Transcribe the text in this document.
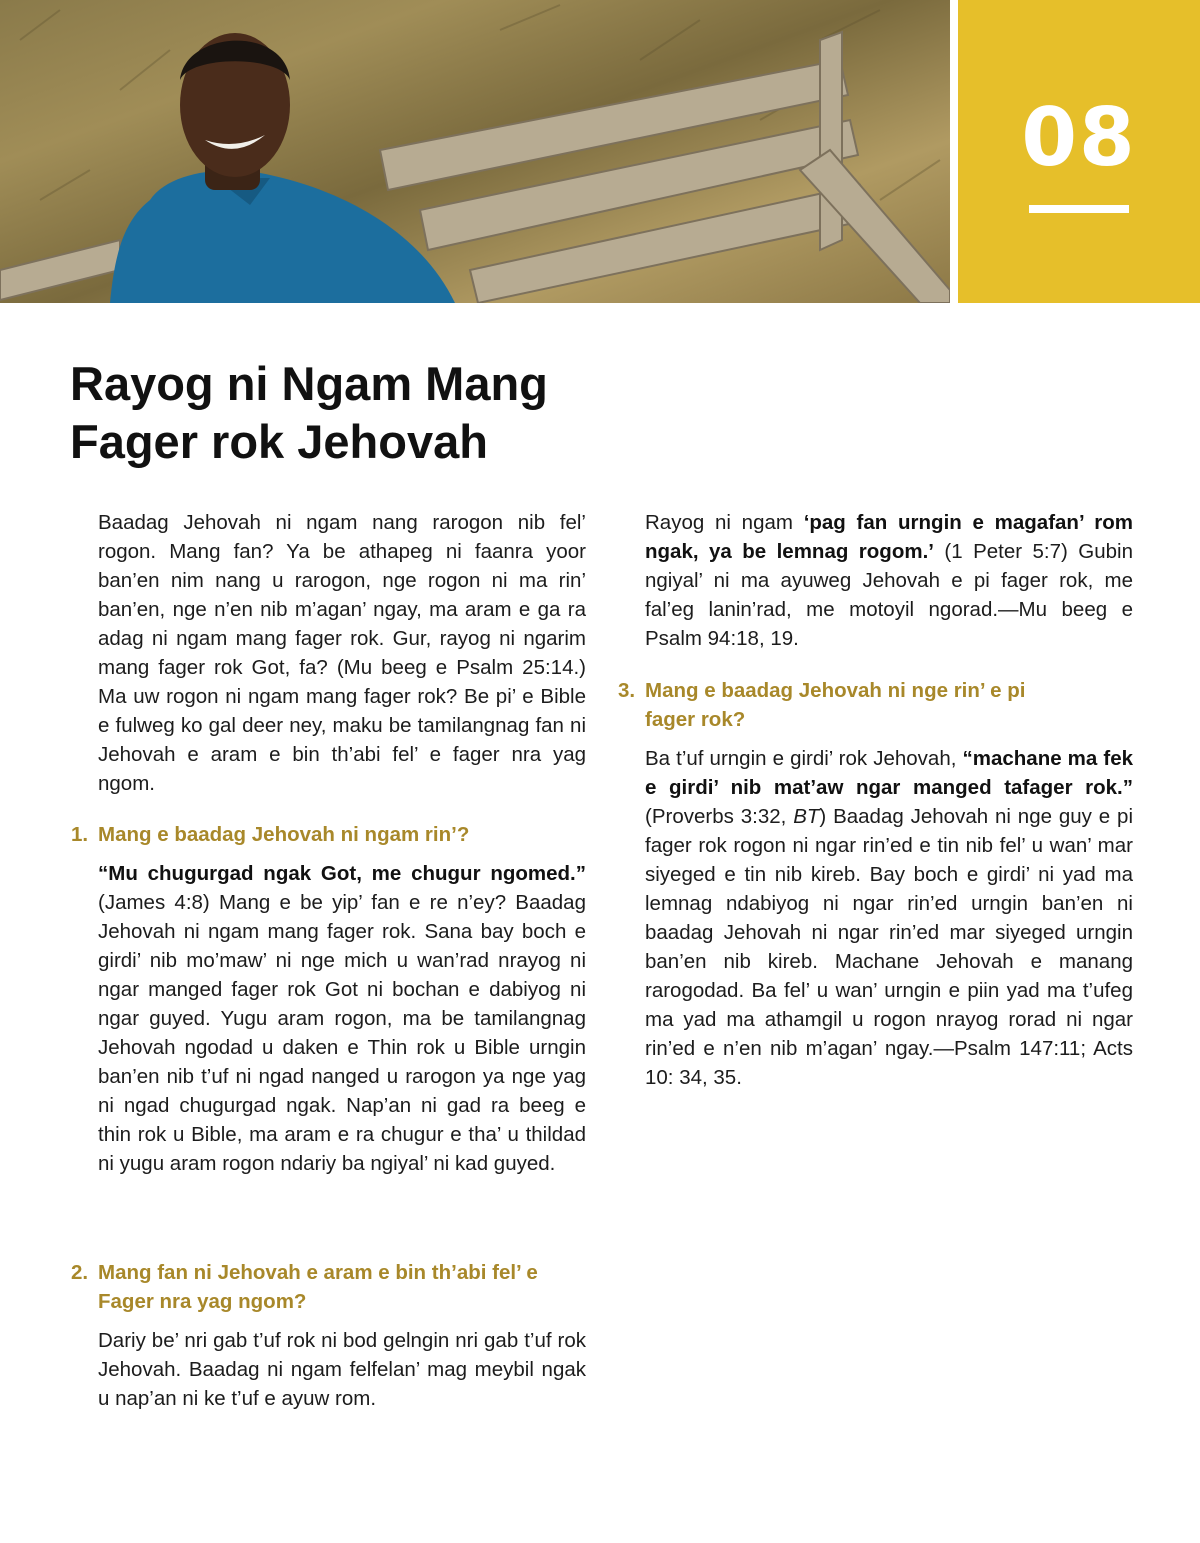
08
Rayog ni Ngam Mang
Fager rok Jehovah

Baadag Jehovah ni ngam nang rarogon nib fel’ rogon. Mang fan? Ya be athapeg ni faanra yoor ban’en nim nang u rarogon, nge rogon ni ma rin’ ban’en, nge n’en nib m’agan’ ngay, ma aram e ga ra adag ni ngam mang fager rok. Gur, rayog ni ngarim mang fager rok Got, fa? (Mu beeg e Psalm 25:14.) Ma uw rogon ni ngam mang fager rok? Be pi’ e Bible e fulweg ko gal deer ney, maku be tamilangnag fan ni Jehovah e aram e bin th’abi fel’ e fager nra yag ngom.

1. Mang e baadag Jehovah ni ngam rin’?

“Mu chugurgad ngak Got, me chugur ngomed.” (James 4:8) Mang e be yip’ fan e re n’ey? Baadag Jehovah ni ngam mang fager rok. Sana bay boch e girdi’ nib mo’maw’ ni nge mich u wan’rad nrayog ni ngar manged fager rok Got ni bochan e dabiyog ni ngar guyed. Yugu aram rogon, ma be tamilangnag Jehovah ngodad u daken e Thin rok u Bible urngin ban’en nib t’uf ni ngad nanged u rarogon ya nge yag ni ngad chugurgad ngak. Nap’an ni gad ra beeg e thin rok u Bible, ma aram e ra chugur e tha’ u thildad ni yugu aram rogon ndariy ba ngiyal’ ni kad guyed.

2. Mang fan ni Jehovah e aram e bin th’abi fel’ e
Fager nra yag ngom?

Dariy be’ nri gab t’uf rok ni bod gelngin nri gab t’uf rok Jehovah. Baadag ni ngam felfelan’ mag meybil ngak u nap’an ni ke t’uf e ayuw rom.

Rayog ni ngam ‘pag fan urngin e magafan’ rom ngak, ya be lemnag rogom.’ (1 Peter 5:7) Gubin ngiyal’ ni ma ayuweg Jehovah e pi fager rok, me fal’eg lanin’rad, me motoyil ngorad.—Mu beeg e Psalm 94:18, 19.

3. Mang e baadag Jehovah ni nge rin’ e pi
fager rok?

Ba t’uf urngin e girdi’ rok Jehovah, “machane ma fek e girdi’ nib mat’aw ngar manged tafager rok.” (Proverbs 3:32, BT) Baadag Jehovah ni nge guy e pi fager rok rogon ni ngar rin’ed e tin nib fel’ u wan’ mar siyeged e tin nib kireb. Bay boch e girdi’ ni yad ma lemnag ndabiyog ni ngar rin’ed urngin ban’en ni baadag Jehovah ni ngar rin’ed mar siyeged urngin ban’en nib kireb. Machane Jehovah e manang rarogodad. Ba fel’ u wan’ urngin e piin yad ma t’ufeg ma yad ma athamgil u rogon nrayog rorad ni ngar rin’ed e n’en nib m’agan’ ngay.—Psalm 147:11; Acts 10: 34, 35.
